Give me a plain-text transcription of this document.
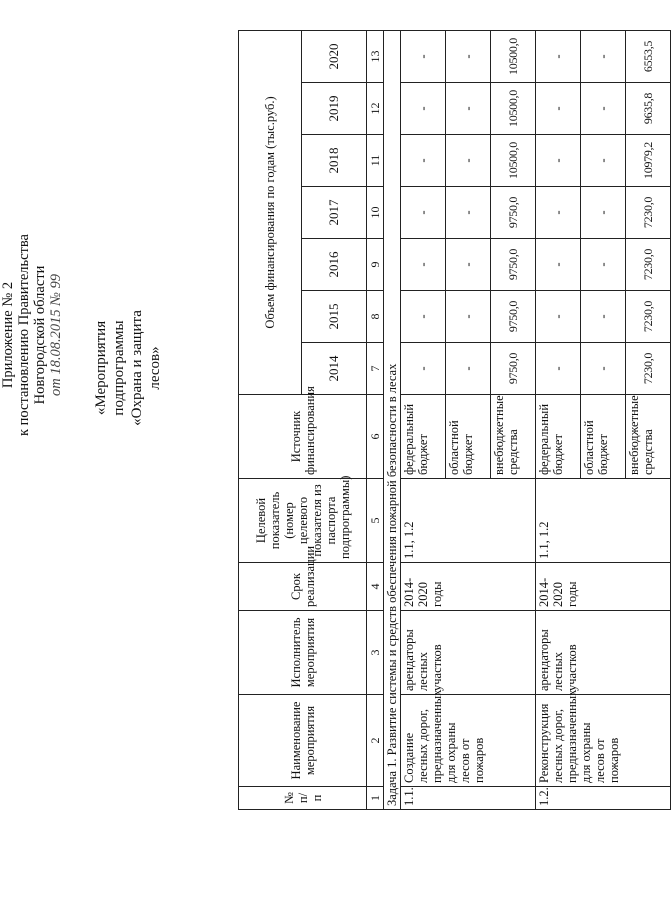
Приложение № 2 к постановлению Правительства Новгородской области от 18.08.2015 № 99 «Мероприятия подпрограммы «Охрана и защита лесов»
№ п/п	Наименование мероприятия	Исполнитель мероприятия	Срок реализации	Целевой показатель (номер целевого показателя из паспорта подпрограммы)	Источник финансирования	Объем финансирования по годам (тыс.руб.)						
						2014	2015	2016	2017	2018	2019	2020
1	2	3	4	5	6	7	8	9	10	11	12	13
Задача 1. Развитие системы и средств обеспечения пожарной безопасности в лесах												
1.1.	Создание лесных дорог, предназначенных для охраны лесов от пожаров	арендаторы лесных участков	2014-2020 годы	1.1, 1.2	федеральный бюджет	-	-	-	-	-	-	-
					областной бюджет	-	-	-	-	-	-	-
					внебюджетные средства	9750,0	9750,0	9750,0	9750,0	10500,0	10500,0	10500,0
1.2.	Реконструкция лесных дорог, предназначенных для охраны лесов от пожаров	арендаторы лесных участков	2014-2020 годы	1.1, 1.2	федеральный бюджет	-	-	-	-	-	-	-
					областной бюджет	-	-	-	-	-	-	-
					внебюджетные средства	7230,0	7230,0	7230,0	7230,0	10979,2	9635,8	6553,5
